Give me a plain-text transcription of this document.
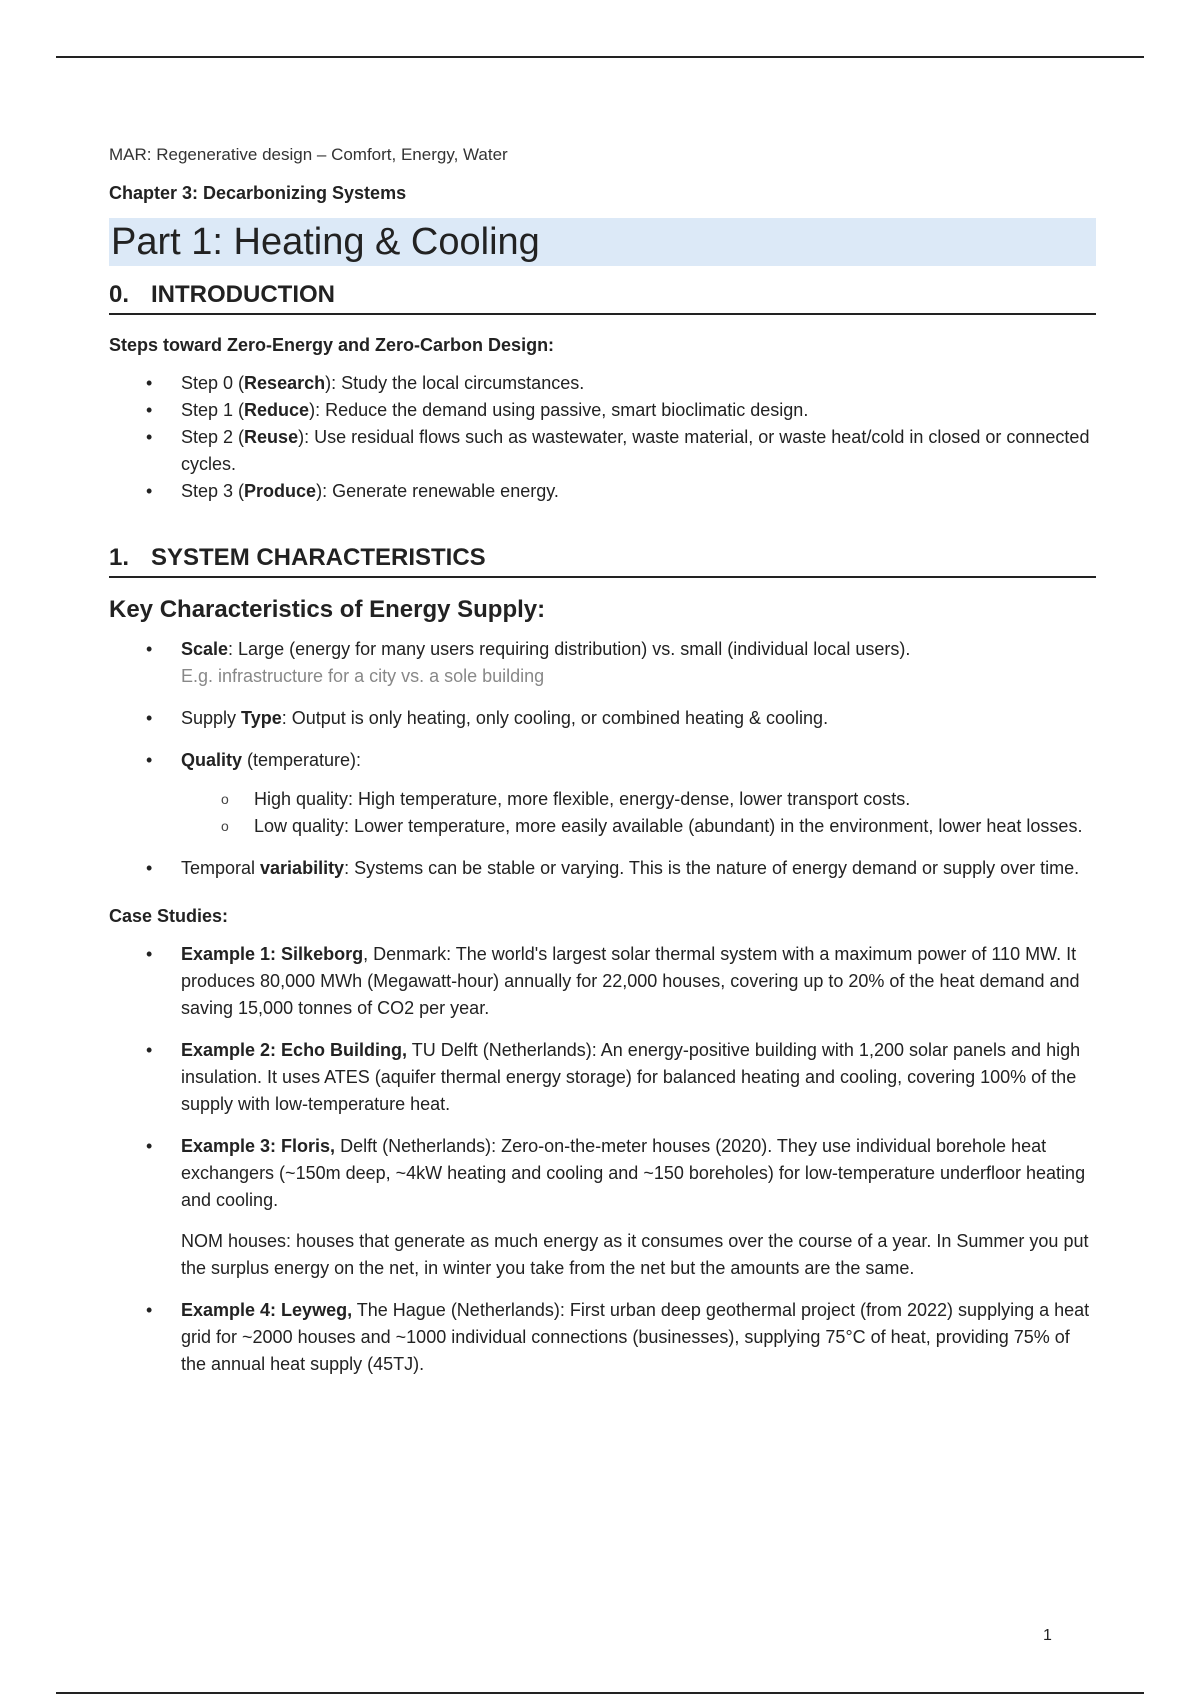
MAR: Regenerative design – Comfort, Energy, Water

Chapter 3: Decarbonizing Systems

Part 1: Heating & Cooling
0. INTRODUCTION

Steps toward Zero-Energy and Zero-Carbon Design:

• Step 0 (Research): Study the local circumstances.
• Step 1 (Reduce): Reduce the demand using passive, smart bioclimatic design.
• Step 2 (Reuse): Use residual flows such as wastewater, waste material, or waste heat/cold in closed or connected cycles.
• Step 3 (Produce): Generate renewable energy.
1. SYSTEM CHARACTERISTICS

Key Characteristics of Energy Supply:

• Scale: Large (energy for many users requiring distribution) vs. small (individual local users).
E.g. infrastructure for a city vs. a sole building
• Supply Type: Output is only heating, only cooling, or combined heating & cooling.
• Quality (temperature):
o High quality: High temperature, more flexible, energy-dense, lower transport costs.
o Low quality: Lower temperature, more easily available (abundant) in the environment, lower heat losses.
• Temporal variability: Systems can be stable or varying. This is the nature of energy demand or supply over time.

Case Studies:

• Example 1: Silkeborg, Denmark: The world's largest solar thermal system with a maximum power of 110 MW. It produces 80,000 MWh (Megawatt-hour) annually for 22,000 houses, covering up to 20% of the heat demand and saving 15,000 tonnes of CO2 per year.
• Example 2: Echo Building, TU Delft (Netherlands): An energy-positive building with 1,200 solar panels and high insulation. It uses ATES (aquifer thermal energy storage) for balanced heating and cooling, covering 100% of the supply with low-temperature heat.
• Example 3: Floris, Delft (Netherlands): Zero-on-the-meter houses (2020). They use individual borehole heat exchangers (~150m deep, ~4kW heating and cooling and ~150 boreholes) for low-temperature underfloor heating and cooling.

NOM houses: houses that generate as much energy as it consumes over the course of a year. In Summer you put the surplus energy on the net, in winter you take from the net but the amounts are the same.

• Example 4: Leyweg, The Hague (Netherlands): First urban deep geothermal project (from 2022) supplying a heat grid for ~2000 houses and ~1000 individual connections (businesses), supplying 75°C of heat, providing 75% of the annual heat supply (45TJ).
1
